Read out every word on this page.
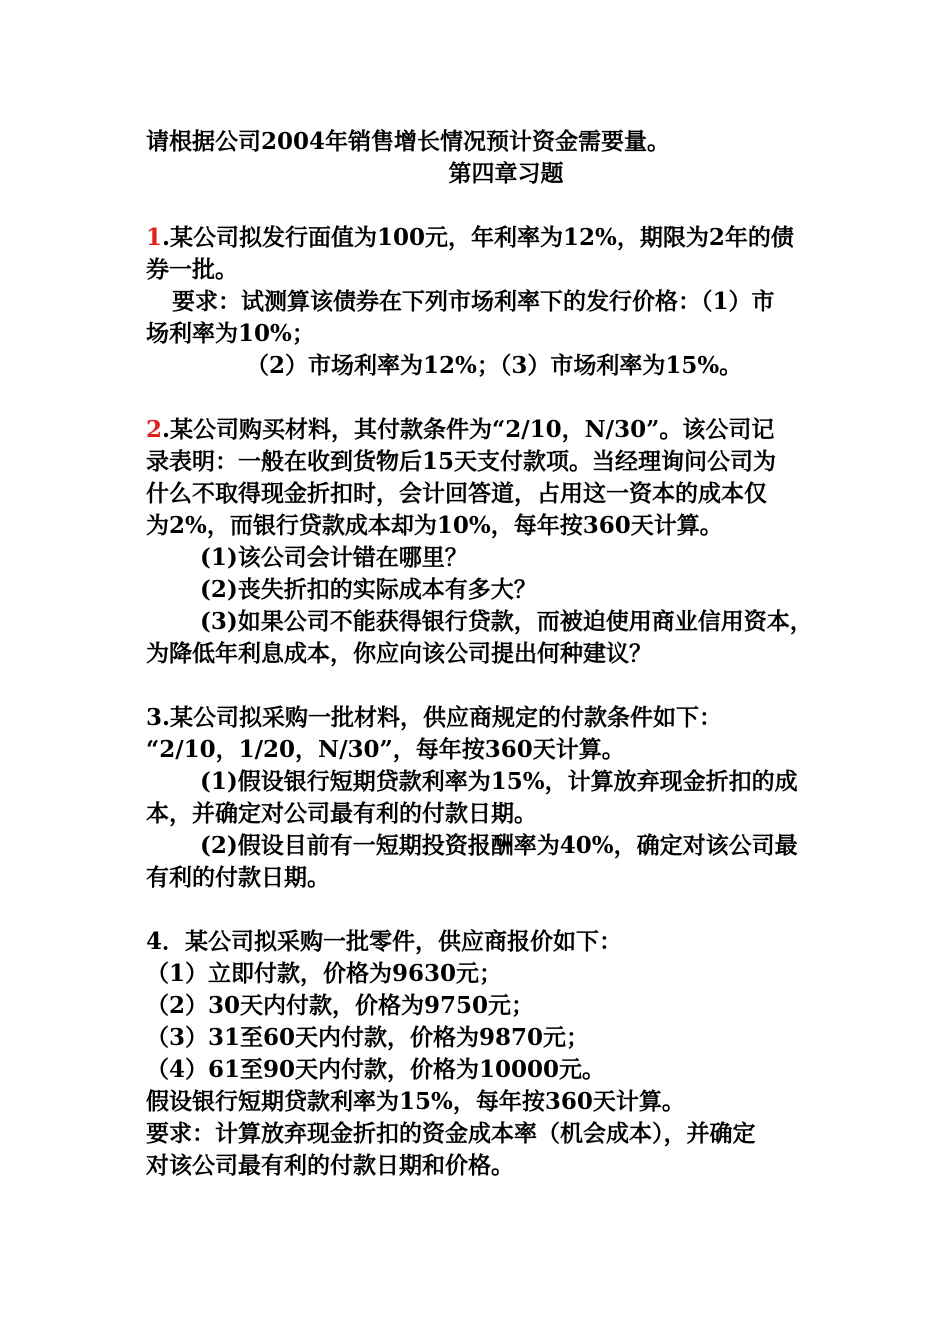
请根据公司2004年销售增长情况预计资金需要量。
第四章习题
1.某公司拟发行面值为100元，年利率为12%，期限为2年的债
券一批。
要求：试测算该债券在下列市场利率下的发行价格：（1）市
场利率为10%；
（2）市场利率为12%；（3）市场利率为15%。
2.某公司购买材料，其付款条件为“2/10，N/30”。该公司记
录表明：一般在收到货物后15天支付款项。当经理询问公司为
什么不取得现金折扣时，会计回答道，占用这一资本的成本仅
为2%，而银行贷款成本却为10%，每年按360天计算。
(1)该公司会计错在哪里？
(2)丧失折扣的实际成本有多大？
(3)如果公司不能获得银行贷款，而被迫使用商业信用资本，
为降低年利息成本，你应向该公司提出何种建议？
3.某公司拟采购一批材料，供应商规定的付款条件如下：
“2/10，1/20，N/30”，每年按360天计算。
(1)假设银行短期贷款利率为15%，计算放弃现金折扣的成
本，并确定对公司最有利的付款日期。
(2)假设目前有一短期投资报酬率为40%，确定对该公司最
有利的付款日期。
4．某公司拟采购一批零件，供应商报价如下：
（1）立即付款，价格为9630元；
（2）30天内付款，价格为9750元；
（3）31至60天内付款，价格为9870元；
（4）61至90天内付款，价格为10000元。
假设银行短期贷款利率为15%，每年按360天计算。
要求：计算放弃现金折扣的资金成本率（机会成本），并确定
对该公司最有利的付款日期和价格。
